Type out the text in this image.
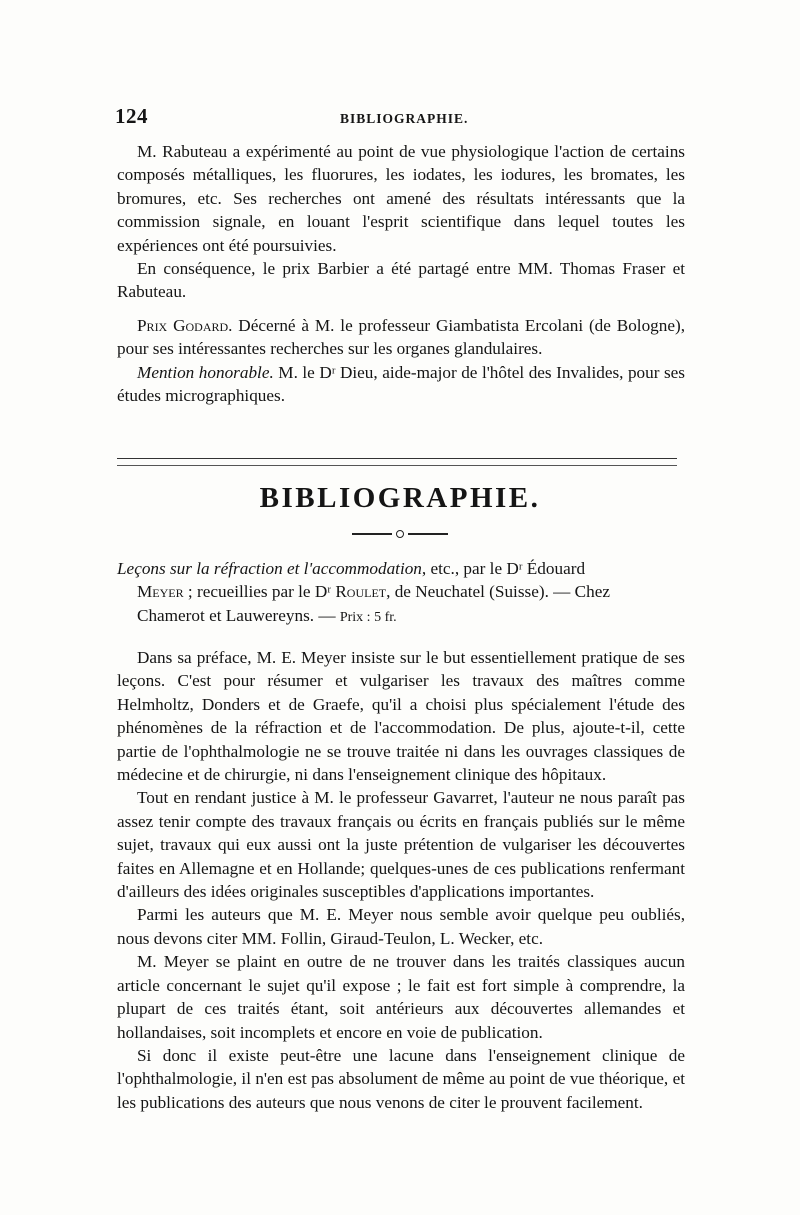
124	BIBLIOGRAPHIE.

M. Rabuteau a expérimenté au point de vue physiologique l'action de certains composés métalliques, les fluorures, les iodates, les iodures, les bromates, les bromures, etc. Ses recherches ont amené des résultats intéressants que la commission signale, en louant l'esprit scientifique dans lequel toutes les expériences ont été poursuivies.

En conséquence, le prix Barbier a été partagé entre MM. Thomas Fraser et Rabuteau.

Prix Godard. Décerné à M. le professeur Giambatista Ercolani (de Bologne), pour ses intéressantes recherches sur les organes glandulaires.

Mention honorable. M. le Dʳ Dieu, aide-major de l'hôtel des Invalides, pour ses études micrographiques.

BIBLIOGRAPHIE.
Leçons sur la réfraction et l'accommodation, etc., par le Dʳ Édouard
Meyer ; recueillies par le Dʳ Roulet, de Neuchatel (Suisse). — Chez
Chamerot et Lauwereyns. — Prix : 5 fr.

Dans sa préface, M. E. Meyer insiste sur le but essentiellement pratique de ses leçons. C'est pour résumer et vulgariser les travaux des maîtres comme Helmholtz, Donders et de Graefe, qu'il a choisi plus spécialement l'étude des phénomènes de la réfraction et de l'accommodation. De plus, ajoute-t-il, cette partie de l'ophthalmologie ne se trouve traitée ni dans les ouvrages classiques de médecine et de chirurgie, ni dans l'enseignement clinique des hôpitaux.

Tout en rendant justice à M. le professeur Gavarret, l'auteur ne nous paraît pas assez tenir compte des travaux français ou écrits en français publiés sur le même sujet, travaux qui eux aussi ont la juste prétention de vulgariser les découvertes faites en Allemagne et en Hollande; quelques-unes de ces publications renfermant d'ailleurs des idées originales susceptibles d'applications importantes.

Parmi les auteurs que M. E. Meyer nous semble avoir quelque peu oubliés, nous devons citer MM. Follin, Giraud-Teulon, L. Wecker, etc.

M. Meyer se plaint en outre de ne trouver dans les traités classiques aucun article concernant le sujet qu'il expose ; le fait est fort simple à comprendre, la plupart de ces traités étant, soit antérieurs aux découvertes allemandes et hollandaises, soit incomplets et encore en voie de publication.

Si donc il existe peut-être une lacune dans l'enseignement clinique de l'ophthalmologie, il n'en est pas absolument de même au point de vue théorique, et les publications des auteurs que nous venons de citer le prouvent facilement.
